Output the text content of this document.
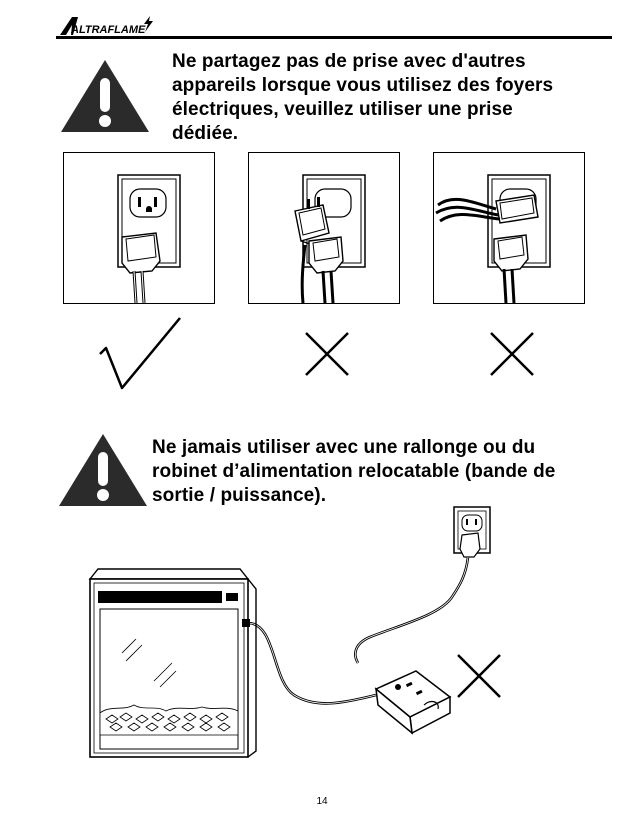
ALTRAFLAME
Ne partagez pas de prise avec d'autres
appareils lorsque vous utilisez des foyers
électriques, veuillez utiliser une prise
dédiée.
Ne jamais utiliser avec une rallonge ou du
robinet d’alimentation relocatable (bande de
sortie / puissance).
14
